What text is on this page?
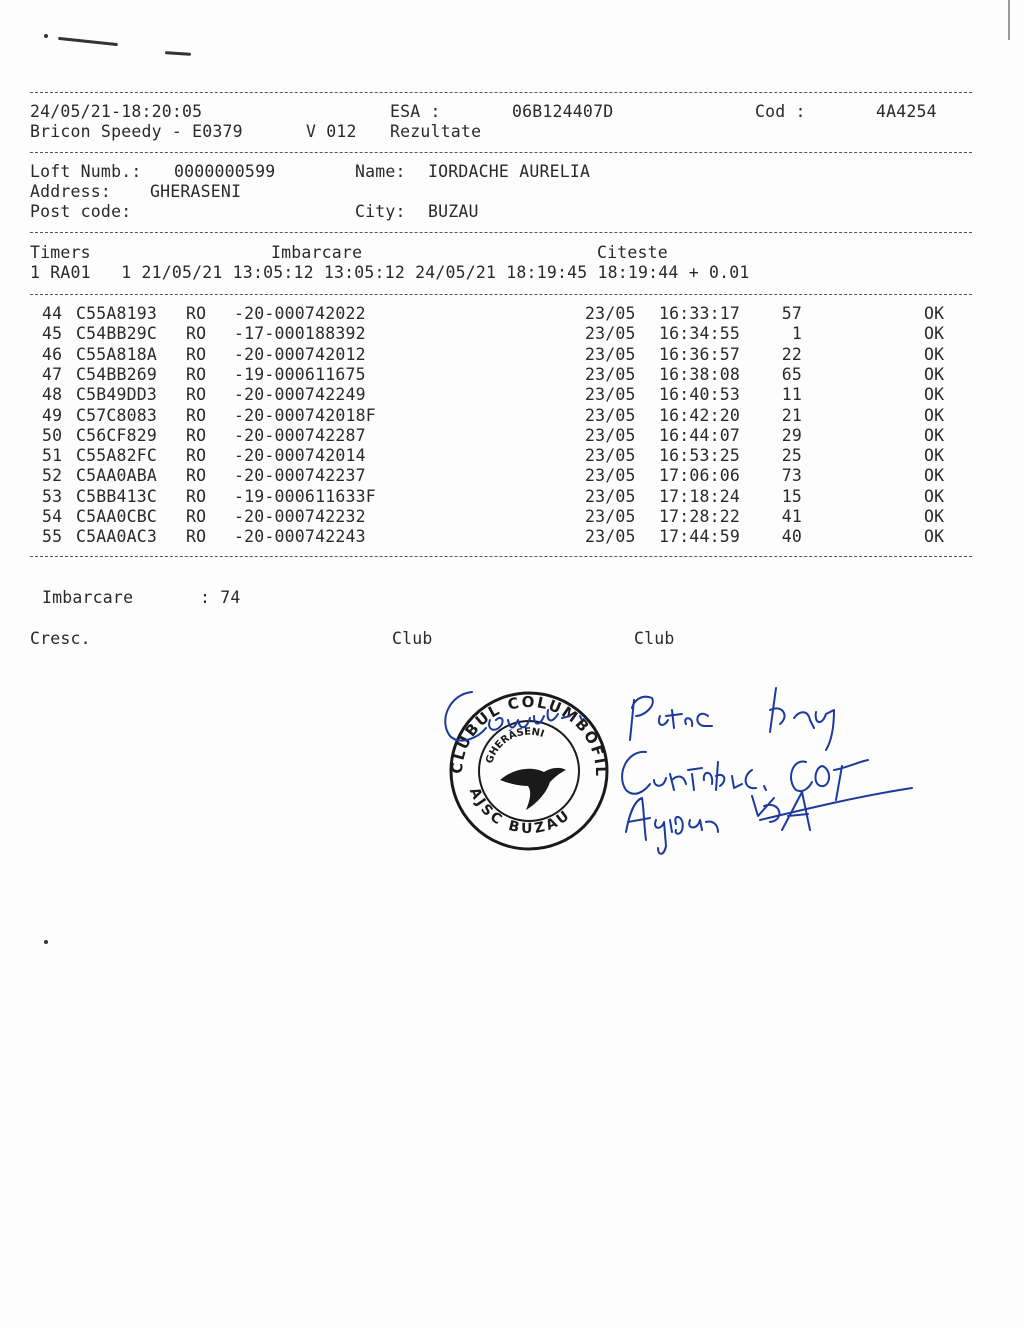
24/05/21-18:20:05	ESA :	06B124407D	Cod :	4A4254
Bricon Speedy - E0379	V 012 Rezultate
Loft Numb.: 0000000599	Name: IORDACHE AURELIA
Address: GHERASENI
Post code:	City: BUZAU
Timers	Imbarcare	Citeste
1 RA01   1 21/05/21 13:05:12 13:05:12 24/05/21 18:19:45 18:19:44 + 0.01
44 C55A8193 RO -20-000742022	23/05 16:33:17	57	OK
45 C54BB29C RO -17-000188392	23/05 16:34:55	1	OK
46 C55A818A RO -20-000742012	23/05 16:36:57	22	OK
47 C54BB269 RO -19-000611675	23/05 16:38:08	65	OK
48 C5B49DD3 RO -20-000742249	23/05 16:40:53	11	OK
49 C57C8083 RO -20-000742018F	23/05 16:42:20	21	OK
50 C56CF829 RO -20-000742287	23/05 16:44:07	29	OK
51 C55A82FC RO -20-000742014	23/05 16:53:25	25	OK
52 C5AA0ABA RO -20-000742237	23/05 17:06:06	73	OK
53 C5BB413C RO -19-000611633F	23/05 17:18:24	15	OK
54 C5AA0CBC RO -20-000742232	23/05 17:28:22	41	OK
55 C5AA0AC3 RO -20-000742243	23/05 17:44:59	40	OK
Imbarcare	: 74
Cresc.	Club	Club
CLUBUL COLUMBOFIL
AJSC BUZAU
GHERĂSENI
